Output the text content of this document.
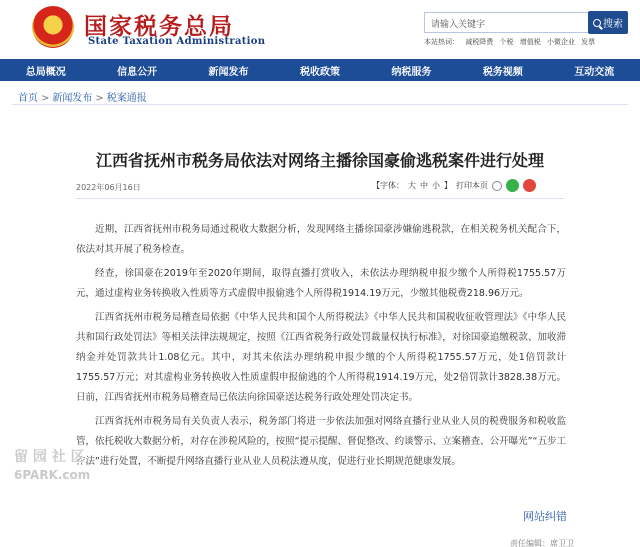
★
国家税务总局
State Taxation Administration
请输入关键字	搜索
本站热词： 减税降费 个税 增值税 小微企业 发票
总局概况	信息公开	新闻发布	税收政策	纳税服务	税务视频	互动交流
首页 > 新闻发布 > 税案通报
江西省抚州市税务局依法对网络主播徐国豪偷逃税案件进行处理
2022年06月16日	【字体： 大 中 小 】 打印本页

近期，江西省抚州市税务局通过税收大数据分析，发现网络主播徐国豪涉嫌偷逃税款，在相关税务机关配合下，依法对其开展了税务检查。

经查，徐国豪在2019年至2020年期间，取得直播打赏收入，未依法办理纳税申报少缴个人所得税1755.57万元，通过虚构业务转换收入性质等方式虚假申报偷逃个人所得税1914.19万元，少缴其他税费218.96万元。

江西省抚州市税务局稽查局依据《中华人民共和国个人所得税法》《中华人民共和国税收征收管理法》《中华人民共和国行政处罚法》等相关法律法规规定，按照《江西省税务行政处罚裁量权执行标准》，对徐国豪追缴税款、加收滞纳金并处罚款共计1.08亿元。其中，对其未依法办理纳税申报少缴的个人所得税1755.57万元，处1倍罚款计1755.57万元；对其虚构业务转换收入性质虚假申报偷逃的个人所得税1914.19万元，处2倍罚款计3828.38万元。日前，江西省抚州市税务局稽查局已依法向徐国豪送达税务行政处理处罚决定书。

江西省抚州市税务局有关负责人表示，税务部门将进一步依法加强对网络直播行业从业人员的税费服务和税收监管，依托税收大数据分析，对存在涉税风险的，按照“提示提醒、督促整改、约谈警示、立案稽查、公开曝光”“五步工作法”进行处置，不断提升网络直播行业从业人员税法遵从度，促进行业长期规范健康发展。

网站纠错
责任编辑：席卫卫
留 园 社 区
6PARK.com
